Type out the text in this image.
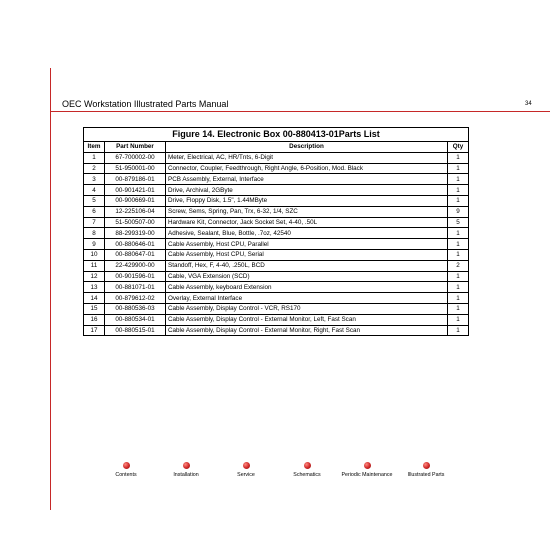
OEC Workstation Illustrated Parts Manual	34
Figure 14. Electronic Box 00-880413-01Parts List
Item	Part Number	Description	Qty
1	67-700002-00	Meter, Electrical, AC, HR/Tnts, 6-Digit	1
2	51-950001-00	Connector, Coupler, Feedthrough, Right Angle, 6-Position, Mod. Black	1
3	00-879186-01	PCB Assembly, External, Interface	1
4	00-901421-01	Drive, Archival, 2GByte	1
5	00-900669-01	Drive, Floppy Disk, 1.5", 1.44MByte	1
6	12-225106-04	Screw, Sems, Spring, Pan, Trx, 6-32, 1/4, SZC	9
7	51-500507-00	Hardware Kit, Connector, Jack Socket Set, 4-40, .50L	5
8	88-299319-00	Adhesive, Sealant, Blue, Bottle, .7oz, 42540	1
9	00-880646-01	Cable Assembly, Host CPU, Parallel	1
10	00-880647-01	Cable Assembly, Host CPU, Serial	1
11	22-429900-00	Standoff, Hex, F, 4-40, .250L, BCD	2
12	00-901596-01	Cable, VGA Extension (SCD)	1
13	00-881071-01	Cable Assembly, keyboard Extension	1
14	00-879612-02	Overlay, External Interface	1
15	00-880536-03	Cable Assembly, Display Control - VCR, RS170	1
16	00-880534-01	Cable Assembly, Display Control - External Monitor, Left, Fast Scan	1
17	00-880515-01	Cable Assembly, Display Control - External Monitor, Right, Fast Scan	1
Contents	Installation	Service	Schematics	Periodic Maintenance	Illustrated Parts
